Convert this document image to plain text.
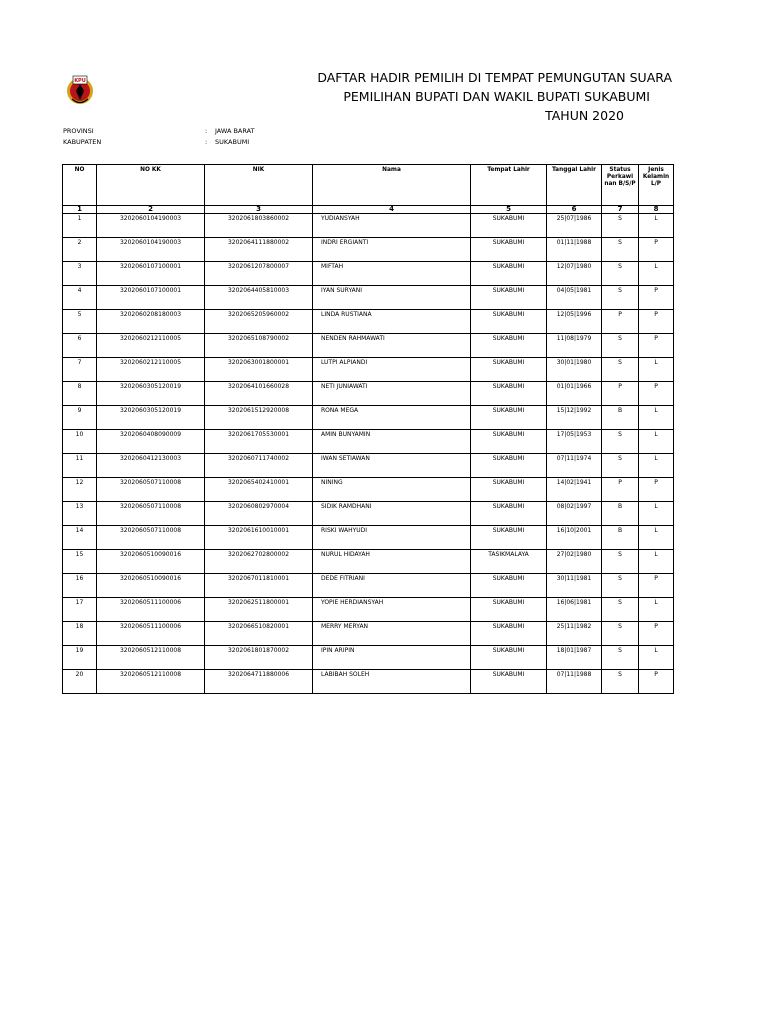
KPU	DAFTAR HADIR PEMILIH DI TEMPAT PEMUNGUTAN SUARA
PEMILIHAN BUPATI DAN WAKIL BUPATI SUKABUMI
TAHUN 2020
PROVINSI	: JAWA BARAT
KABUPATEN	: SUKABUMI
NO	NO KK	NIK	Nama	Tempat Lahir	Tanggal Lahir	Status Perkawi nan B/S/P	Jenis Kelamin L/P
1	2	3	4	5	6	7	8
1	3202060104190003	3202061803860002	YUDIANSYAH	SUKABUMI	25|07|1986	S	L
2	3202060104190003	3202064111880002	INDRI ERGIANTI	SUKABUMI	01|11|1988	S	P
3	3202060107100001	3202061207800007	MIFTAH	SUKABUMI	12|07|1980	S	L
4	3202060107100001	3202064405810003	IYAN SURYANI	SUKABUMI	04|05|1981	S	P
5	3202060208180003	3202065205960002	LINDA RUSTIANA	SUKABUMI	12|05|1996	P	P
6	3202060212110005	3202065108790002	NENDEN RAHMAWATI	SUKABUMI	11|08|1979	S	P
7	3202060212110005	3202063001800001	LUTPI ALPIANDI	SUKABUMI	30|01|1980	S	L
8	3202060305120019	3202064101660028	NETI JUNIAWATI	SUKABUMI	01|01|1966	P	P
9	3202060305120019	3202061512920008	RONA MEGA	SUKABUMI	15|12|1992	B	L
10	3202060408090009	3202061705530001	AMIN BUNYAMIN	SUKABUMI	17|05|1953	S	L
11	3202060412130003	3202060711740002	IWAN SETIAWAN	SUKABUMI	07|11|1974	S	L
12	3202060507110008	3202065402410001	NINING	SUKABUMI	14|02|1941	P	P
13	3202060507110008	3202060802970004	SIDIK RAMDHANI	SUKABUMI	08|02|1997	B	L
14	3202060507110008	3202061610010001	RISKI WAHYUDI	SUKABUMI	16|10|2001	B	L
15	3202060510090016	3202062702800002	NURUL HIDAYAH	TASIKMALAYA	27|02|1980	S	L
16	3202060510090016	3202067011810001	DEDE FITRIANI	SUKABUMI	30|11|1981	S	P
17	3202060511100006	3202062511800001	YOPIE HERDIANSYAH	SUKABUMI	16|06|1981	S	L
18	3202060511100006	3202066510820001	MERRY MERYAN	SUKABUMI	25|11|1982	S	P
19	3202060512110008	3202061801870002	IPIN ARIPIN	SUKABUMI	18|01|1987	S	L
20	3202060512110008	3202064711880006	LABIBAH SOLEH	SUKABUMI	07|11|1988	S	P
